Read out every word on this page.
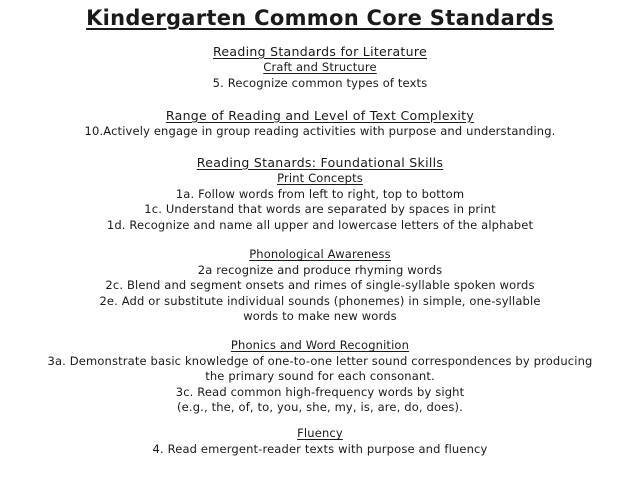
Kindergarten Common Core Standards
Reading Standards for Literature
Craft and Structure
5. Recognize common types of texts
Range of Reading and Level of Text Complexity
10.Actively engage in group reading activities with purpose and understanding.
Reading Stanards: Foundational Skills
Print Concepts
1a. Follow words from left to right, top to bottom
1c. Understand that words are separated by spaces in print
1d. Recognize and name all upper and lowercase letters of the alphabet
Phonological Awareness
2a recognize and produce rhyming words
2c. Blend and segment onsets and rimes of single-syllable spoken words
2e. Add or substitute individual sounds (phonemes) in simple, one-syllable
words to make new words
Phonics and Word Recognition
3a. Demonstrate basic knowledge of one-to-one letter sound correspondences by producing
the primary sound for each consonant.
3c. Read common high-frequency words by sight
(e.g., the, of, to, you, she, my, is, are, do, does).
Fluency
4. Read emergent-reader texts with purpose and fluency
